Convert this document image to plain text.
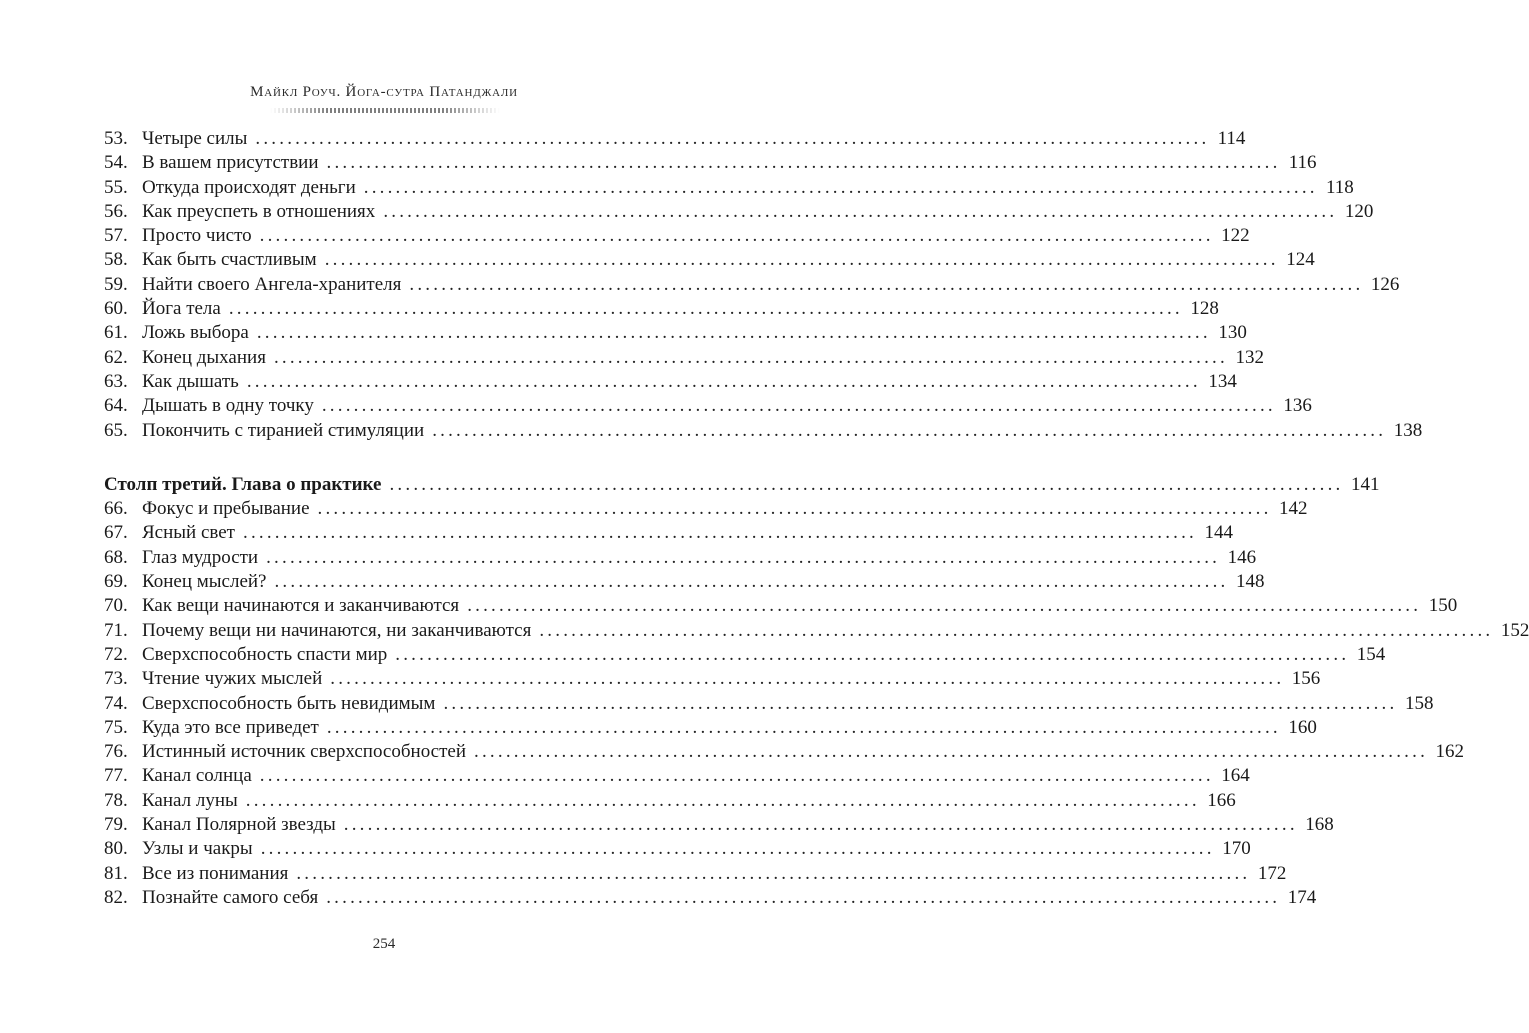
Майкл Роуч. Йога-сутра Патанджали
53. Четыре силы ........................................................................................................................ 114
54. В вашем присутствии ........................................................................................................................ 116
55. Откуда происходят деньги ........................................................................................................................ 118
56. Как преуспеть в отношениях ........................................................................................................................ 120
57. Просто чисто ........................................................................................................................ 122
58. Как быть счастливым ........................................................................................................................ 124
59. Найти своего Ангела-хранителя ........................................................................................................................ 126
60. Йога тела ........................................................................................................................ 128
61. Ложь выбора ........................................................................................................................ 130
62. Конец дыхания ........................................................................................................................ 132
63. Как дышать ........................................................................................................................ 134
64. Дышать в одну точку ........................................................................................................................ 136
65. Покончить с тиранией стимуляции ........................................................................................................................ 138
Столп третий. Глава о практике ........................................................................................................................ 141
66. Фокус и пребывание ........................................................................................................................ 142
67. Ясный свет ........................................................................................................................ 144
68. Глаз мудрости ........................................................................................................................ 146
69. Конец мыслей? ........................................................................................................................ 148
70. Как вещи начинаются и заканчиваются ........................................................................................................................ 150
71. Почему вещи ни начинаются, ни заканчиваются ........................................................................................................................ 152
72. Сверхспособность спасти мир ........................................................................................................................ 154
73. Чтение чужих мыслей ........................................................................................................................ 156
74. Сверхспособность быть невидимым ........................................................................................................................ 158
75. Куда это все приведет ........................................................................................................................ 160
76. Истинный источник сверхспособностей ........................................................................................................................ 162
77. Канал солнца ........................................................................................................................ 164
78. Канал луны ........................................................................................................................ 166
79. Канал Полярной звезды ........................................................................................................................ 168
80. Узлы и чакры ........................................................................................................................ 170
81. Все из понимания ........................................................................................................................ 172
82. Познайте самого себя ........................................................................................................................ 174
254
